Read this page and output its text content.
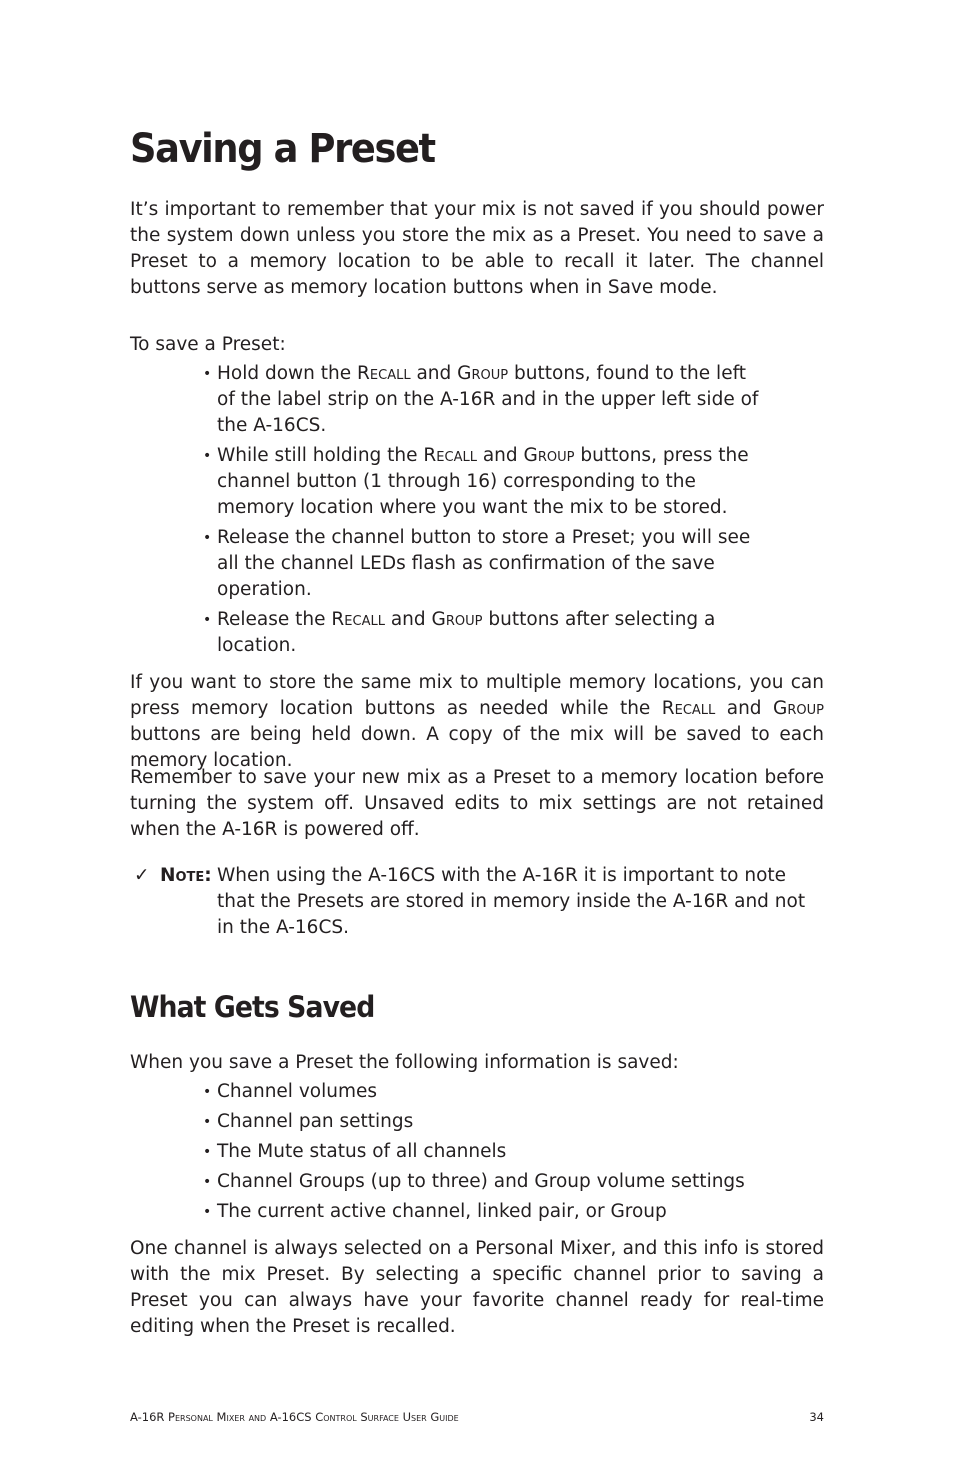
Saving a Preset

It’s important to remember that your mix is not saved if you should power the system down unless you store the mix as a Preset. You need to save a Preset to a memory location to be able to recall it later. The channel buttons serve as memory location buttons when in Save mode.

To save a Preset:

• Hold down the Recall and Group buttons, found to the left of the label strip on the A-16R and in the upper left side of the A-16CS.
• While still holding the Recall and Group buttons, press the channel button (1 through 16) corresponding to the memory location where you want the mix to be stored.
• Release the channel button to store a Preset; you will see all the channel LEDs flash as confirmation of the save operation.
• Release the Recall and Group buttons after selecting a location.

If you want to store the same mix to multiple memory locations, you can press memory location buttons as needed while the Recall and Group buttons are being held down. A copy of the mix will be saved to each memory location.

Remember to save your new mix as a Preset to a memory location before turning the system off. Unsaved edits to mix settings are not retained when the A-16R is powered off.

✓ Note: When using the A-16CS with the A-16R it is important to note that the Presets are stored in memory inside the A-16R and not in the A-16CS.
What Gets Saved

When you save a Preset the following information is saved:

• Channel volumes
• Channel pan settings
• The Mute status of all channels
• Channel Groups (up to three) and Group volume settings
• The current active channel, linked pair, or Group

One channel is always selected on a Personal Mixer, and this info is stored with the mix Preset. By selecting a specific channel prior to saving a Preset you can always have your favorite channel ready for real-time editing when the Preset is recalled.

A-16R Personal Mixer and A-16CS Control Surface User Guide	34
